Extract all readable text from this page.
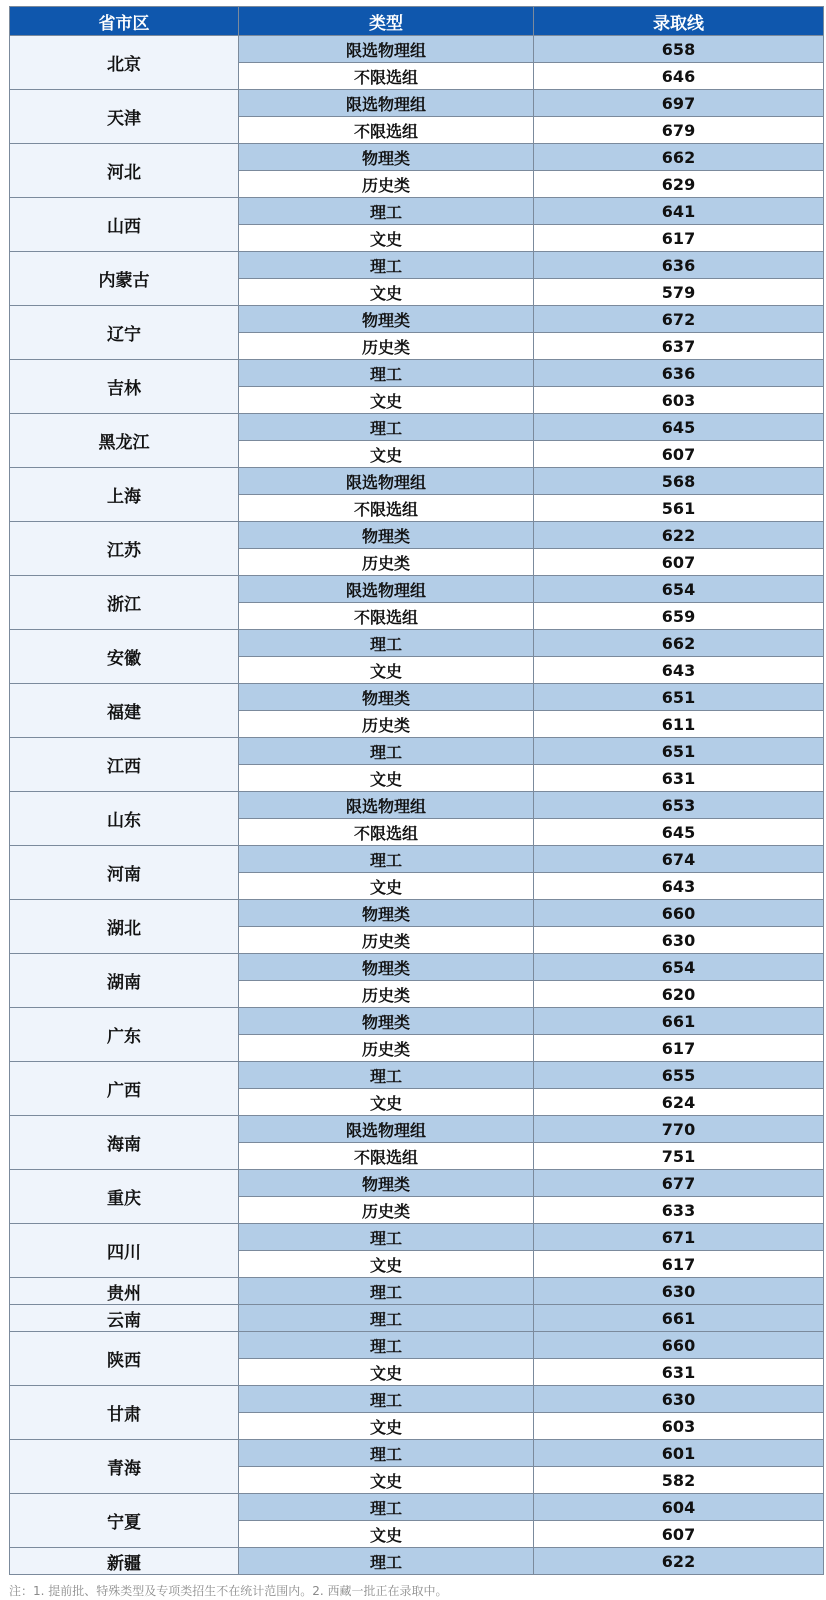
省市区	类型	录取线
北京	限选物理组	658
	不限选组	646
天津	限选物理组	697
	不限选组	679
河北	物理类	662
	历史类	629
山西	理工	641
	文史	617
内蒙古	理工	636
	文史	579
辽宁	物理类	672
	历史类	637
吉林	理工	636
	文史	603
黑龙江	理工	645
	文史	607
上海	限选物理组	568
	不限选组	561
江苏	物理类	622
	历史类	607
浙江	限选物理组	654
	不限选组	659
安徽	理工	662
	文史	643
福建	物理类	651
	历史类	611
江西	理工	651
	文史	631
山东	限选物理组	653
	不限选组	645
河南	理工	674
	文史	643
湖北	物理类	660
	历史类	630
湖南	物理类	654
	历史类	620
广东	物理类	661
	历史类	617
广西	理工	655
	文史	624
海南	限选物理组	770
	不限选组	751
重庆	物理类	677
	历史类	633
四川	理工	671
	文史	617
贵州	理工	630
云南	理工	661
陕西	理工	660
	文史	631
甘肃	理工	630
	文史	603
青海	理工	601
	文史	582
宁夏	理工	604
	文史	607
新疆	理工	622
注：1. 提前批、特殊类型及专项类招生不在统计范围内。2. 西藏一批正在录取中。
